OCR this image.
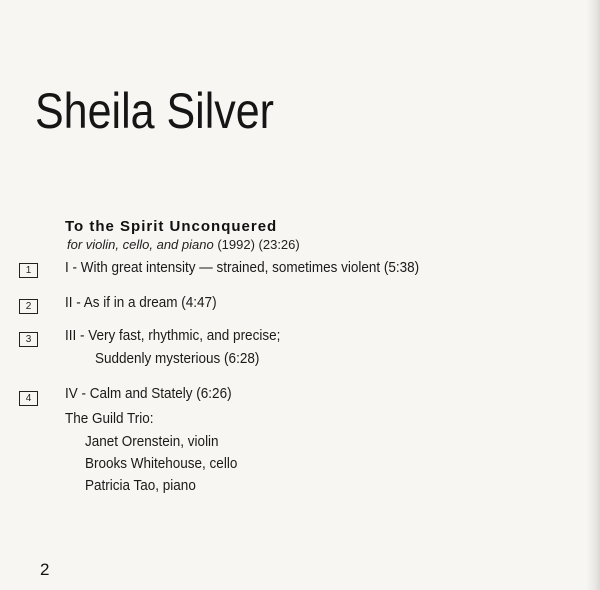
Sheila Silver
To the Spirit Unconquered
for violin, cello, and piano (1992) (23:26)
1	I - With great intensity — strained, sometimes violent (5:38)
2	II - As if in a dream (4:47)
3	III - Very fast, rhythmic, and precise;
Suddenly mysterious (6:28)
4	IV - Calm and Stately (6:26)
The Guild Trio:
Janet Orenstein, violin
Brooks Whitehouse, cello
Patricia Tao, piano
2
